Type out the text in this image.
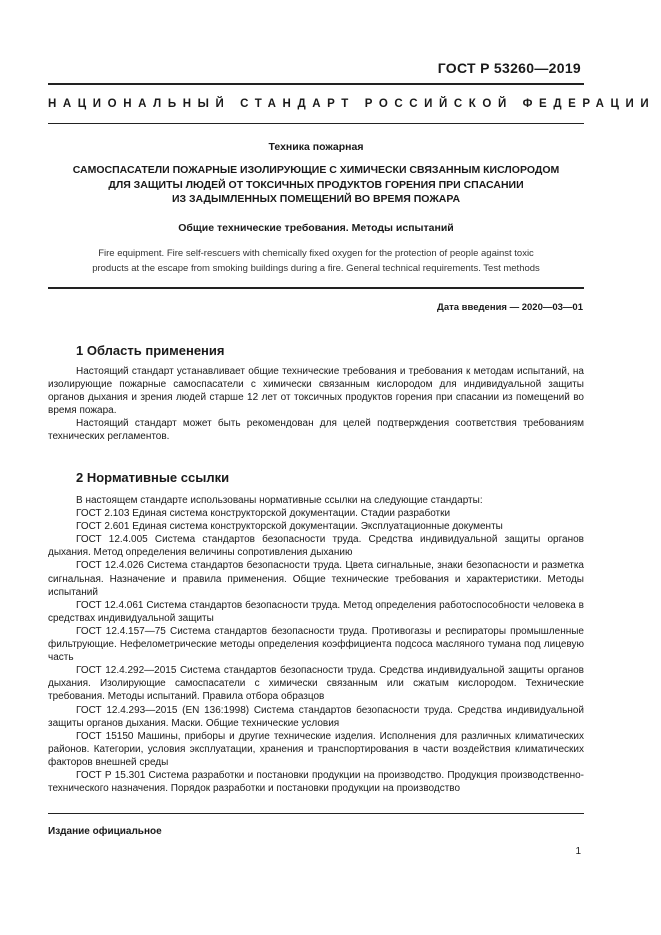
ГОСТ Р 53260—2019
НАЦИОНАЛЬНЫЙ СТАНДАРТ РОССИЙСКОЙ ФЕДЕРАЦИИ
Техника пожарная
САМОСПАСАТЕЛИ ПОЖАРНЫЕ ИЗОЛИРУЮЩИЕ С ХИМИЧЕСКИ СВЯЗАННЫМ КИСЛОРОДОМ
ДЛЯ ЗАЩИТЫ ЛЮДЕЙ ОТ ТОКСИЧНЫХ ПРОДУКТОВ ГОРЕНИЯ ПРИ СПАСАНИИ
ИЗ ЗАДЫМЛЕННЫХ ПОМЕЩЕНИЙ ВО ВРЕМЯ ПОЖАРА
Общие технические требования. Методы испытаний
Fire equipment. Fire self-rescuers with chemically fixed oxygen for the protection of people against toxic
products at the escape from smoking buildings during a fire. General technical requirements. Test methods
Дата введения — 2020—03—01
1 Область применения

Настоящий стандарт устанавливает общие технические требования и требования к методам испытаний, на изолирующие пожарные самоспасатели с химически связанным кислородом для индивидуальной защиты органов дыхания и зрения людей старше 12 лет от токсичных продуктов горения при спасании из помещений во время пожара.

Настоящий стандарт может быть рекомендован для целей подтверждения соответствия требованиям технических регламентов.

2 Нормативные ссылки

В настоящем стандарте использованы нормативные ссылки на следующие стандарты:

ГОСТ 2.103 Единая система конструкторской документации. Стадии разработки

ГОСТ 2.601 Единая система конструкторской документации. Эксплуатационные документы

ГОСТ 12.4.005 Система стандартов безопасности труда. Средства индивидуальной защиты органов дыхания. Метод определения величины сопротивления дыханию

ГОСТ 12.4.026 Система стандартов безопасности труда. Цвета сигнальные, знаки безопасности и разметка сигнальная. Назначение и правила применения. Общие технические требования и характеристики. Методы испытаний

ГОСТ 12.4.061 Система стандартов безопасности труда. Метод определения работоспособности человека в средствах индивидуальной защиты

ГОСТ 12.4.157—75 Система стандартов безопасности труда. Противогазы и респираторы промышленные фильтрующие. Нефелометрические методы определения коэффициента подсоса масляного тумана под лицевую часть

ГОСТ 12.4.292—2015 Система стандартов безопасности труда. Средства индивидуальной защиты органов дыхания. Изолирующие самоспасатели с химически связанным или сжатым кислородом. Технические требования. Методы испытаний. Правила отбора образцов

ГОСТ 12.4.293—2015 (EN 136:1998) Система стандартов безопасности труда. Средства индивидуальной защиты органов дыхания. Маски. Общие технические условия

ГОСТ 15150 Машины, приборы и другие технические изделия. Исполнения для различных климатических районов. Категории, условия эксплуатации, хранения и транспортирования в части воздействия климатических факторов внешней среды

ГОСТ Р 15.301 Система разработки и постановки продукции на производство. Продукция производственно-технического назначения. Порядок разработки и постановки продукции на производство

Издание официальное
1
